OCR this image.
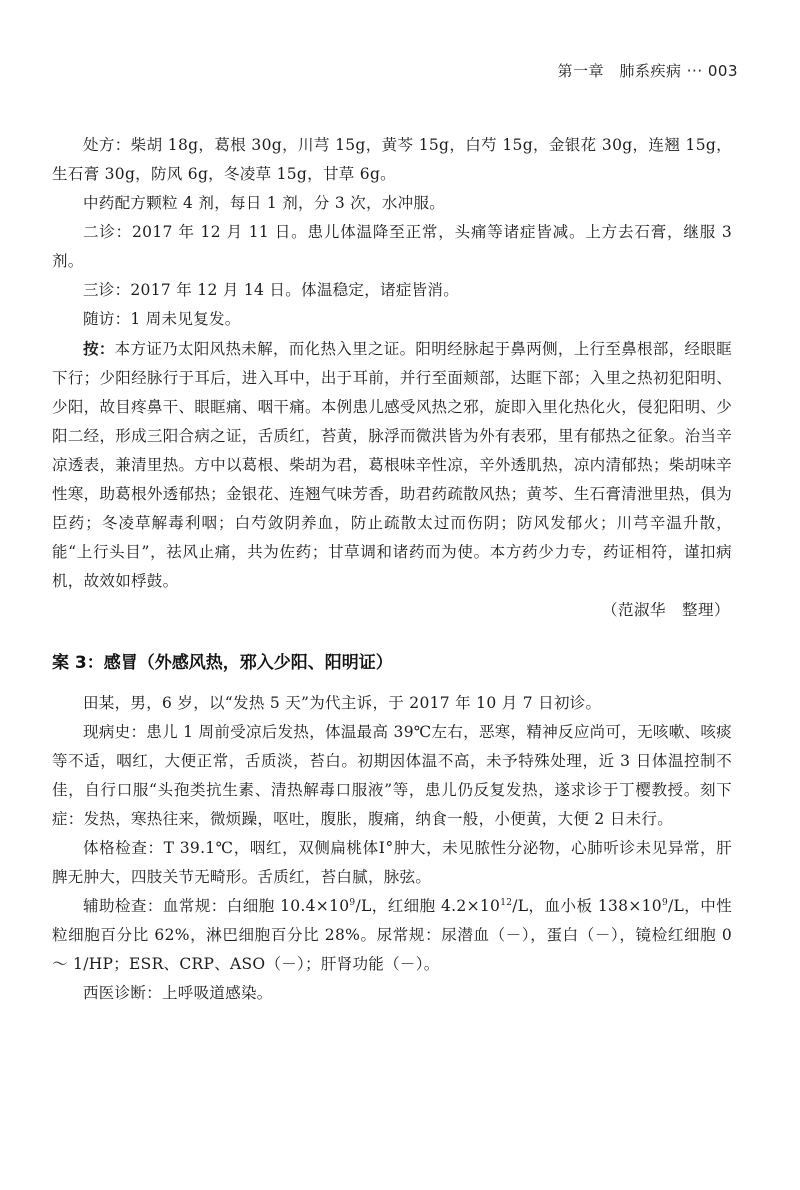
第一章　肺系疾病 ··· 003

处方：柴胡 18g，葛根 30g，川芎 15g，黄芩 15g，白芍 15g，金银花 30g，连翘 15g，生石膏 30g，防风 6g，冬凌草 15g，甘草 6g。

中药配方颗粒 4 剂，每日 1 剂，分 3 次，水冲服。

二诊：2017 年 12 月 11 日。患儿体温降至正常，头痛等诸症皆减。上方去石膏，继服 3 剂。

三诊：2017 年 12 月 14 日。体温稳定，诸症皆消。

随访：1 周未见复发。

按：本方证乃太阳风热未解，而化热入里之证。阳明经脉起于鼻两侧，上行至鼻根部，经眼眶下行；少阳经脉行于耳后，进入耳中，出于耳前，并行至面颊部，达眶下部；入里之热初犯阳明、少阳，故目疼鼻干、眼眶痛、咽干痛。本例患儿感受风热之邪，旋即入里化热化火，侵犯阳明、少阳二经，形成三阳合病之证，舌质红，苔黄，脉浮而微洪皆为外有表邪，里有郁热之征象。治当辛凉透表，兼清里热。方中以葛根、柴胡为君，葛根味辛性凉，辛外透肌热，凉内清郁热；柴胡味辛性寒，助葛根外透郁热；金银花、连翘气味芳香，助君药疏散风热；黄芩、生石膏清泄里热，俱为臣药；冬凌草解毒利咽；白芍敛阴养血，防止疏散太过而伤阴；防风发郁火；川芎辛温升散，能“上行头目”，祛风止痛，共为佐药；甘草调和诸药而为使。本方药少力专，药证相符，谨扣病机，故效如桴鼓。

（范淑华　整理）
案 3：感冒（外感风热，邪入少阳、阳明证）

田某，男，6 岁，以“发热 5 天”为代主诉，于 2017 年 10 月 7 日初诊。

现病史：患儿 1 周前受凉后发热，体温最高 39℃左右，恶寒，精神反应尚可，无咳嗽、咳痰等不适，咽红，大便正常，舌质淡，苔白。初期因体温不高，未予特殊处理，近 3 日体温控制不佳，自行口服“头孢类抗生素、清热解毒口服液”等，患儿仍反复发热，遂求诊于丁樱教授。刻下症：发热，寒热往来，微烦躁，呕吐，腹胀，腹痛，纳食一般，小便黄，大便 2 日未行。

体格检查：T 39.1℃，咽红，双侧扁桃体Ⅰ°肿大，未见脓性分泌物，心肺听诊未见异常，肝脾无肿大，四肢关节无畸形。舌质红，苔白腻，脉弦。

辅助检查：血常规：白细胞 $10.4\times 10^9/L$，红细胞 $4.2\times 10^{12}/L$，血小板 $138\times 10^9/L$，中性粒细胞百分比 62%，淋巴细胞百分比 28%。尿常规：尿潜血（－），蛋白（－），镜检红细胞 0 ～ 1/HP；ESR、CRP、ASO（－）；肝肾功能（－）。

西医诊断：上呼吸道感染。
